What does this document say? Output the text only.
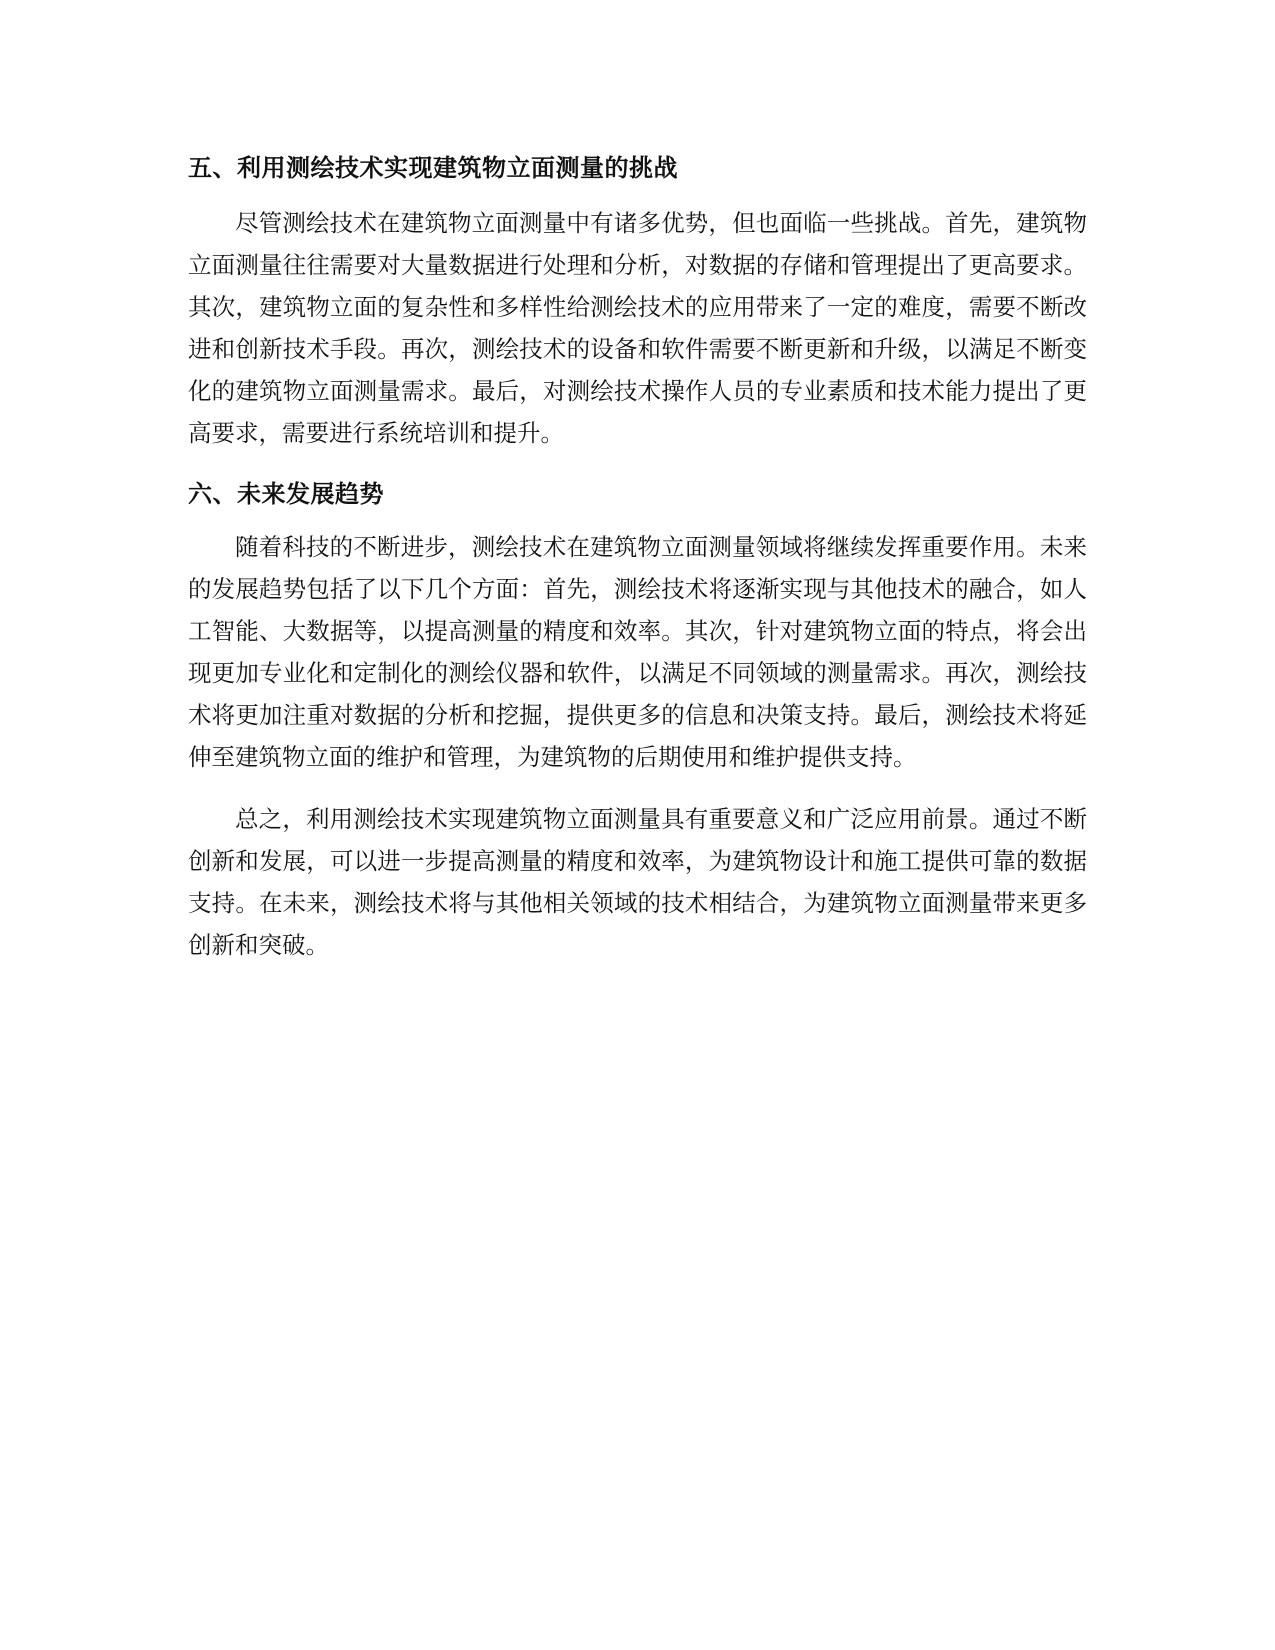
五、利用测绘技术实现建筑物立面测量的挑战

尽管测绘技术在建筑物立面测量中有诸多优势，但也面临一些挑战。首先，建筑物立面测量往往需要对大量数据进行处理和分析，对数据的存储和管理提出了更高要求。其次，建筑物立面的复杂性和多样性给测绘技术的应用带来了一定的难度，需要不断改进和创新技术手段。再次，测绘技术的设备和软件需要不断更新和升级，以满足不断变化的建筑物立面测量需求。最后，对测绘技术操作人员的专业素质和技术能力提出了更高要求，需要进行系统培训和提升。

六、未来发展趋势

随着科技的不断进步，测绘技术在建筑物立面测量领域将继续发挥重要作用。未来的发展趋势包括了以下几个方面：首先，测绘技术将逐渐实现与其他技术的融合，如人工智能、大数据等，以提高测量的精度和效率。其次，针对建筑物立面的特点，将会出现更加专业化和定制化的测绘仪器和软件，以满足不同领域的测量需求。再次，测绘技术将更加注重对数据的分析和挖掘，提供更多的信息和决策支持。最后，测绘技术将延伸至建筑物立面的维护和管理，为建筑物的后期使用和维护提供支持。

总之，利用测绘技术实现建筑物立面测量具有重要意义和广泛应用前景。通过不断创新和发展，可以进一步提高测量的精度和效率，为建筑物设计和施工提供可靠的数据支持。在未来，测绘技术将与其他相关领域的技术相结合，为建筑物立面测量带来更多创新和突破。
